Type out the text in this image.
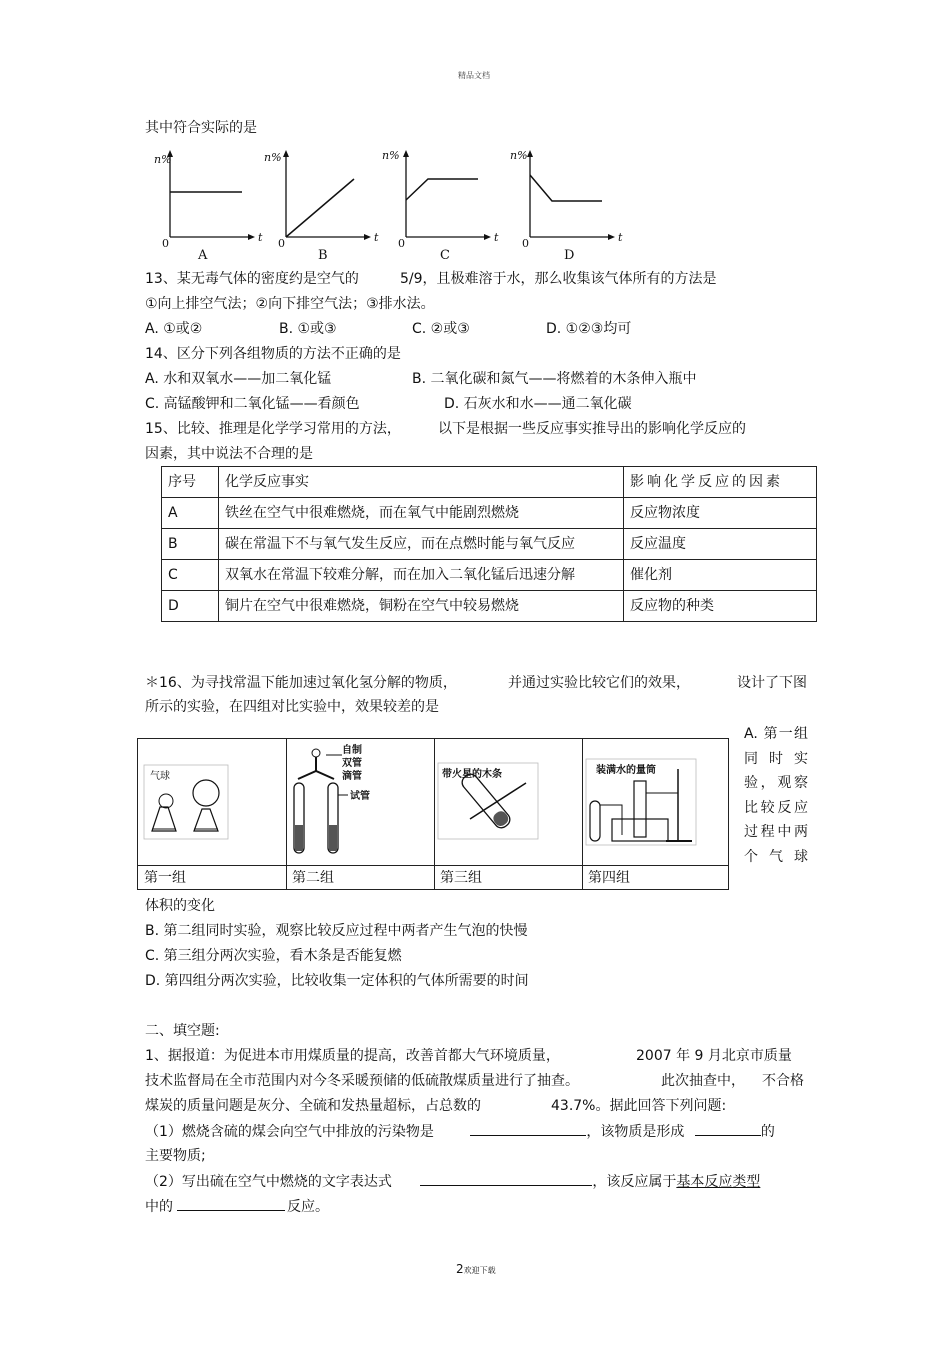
精品文档
其中符合实际的是
n%
t
0
A
n%
t
0
B
n%
t
0
C
n%
t
0
D
13、某无毒气体的密度约是空气的	5/9，且极难溶于水，那么收集该气体所有的方法是
①向上排空气法；②向下排空气法；③排水法。
A. ①或②	B. ①或③	C. ②或③	D. ①②③均可
14、区分下列各组物质的方法不正确的是
A. 水和双氧水——加二氧化锰	B. 二氧化碳和氮气——将燃着的木条伸入瓶中
C. 高锰酸钾和二氧化锰——看颜色	D. 石灰水和水——通二氧化碳
15、比较、推理是化学学习常用的方法，	以下是根据一些反应事实推导出的影响化学反应的
因素，其中说法不合理的是
序号	化学反应事实	影响化学反应的因素
A	铁丝在空气中很难燃烧，而在氧气中能剧烈燃烧	反应物浓度
B	碳在常温下不与氧气发生反应，而在点燃时能与氧气反应	反应温度
C	双氧水在常温下较难分解，而在加入二氧化锰后迅速分解	催化剂
D	铜片在空气中很难燃烧，铜粉在空气中较易燃烧	反应物的种类
＊16、为寻找常温下能加速过氧化氢分解的物质，	并通过实验比较它们的效果，	设计了下图
所示的实验，在四组对比实验中，效果较差的是
气球
第一组
自制
双管
滴管
试管
第二组
带火星的木条
第三组
装满水的量筒
第四组
A. 第一组同时实验，观察比较反应过程中两个气球
体积的变化
B. 第二组同时实验，观察比较反应过程中两者产生气泡的快慢
C. 第三组分两次实验，看木条是否能复燃
D. 第四组分两次实验，比较收集一定体积的气体所需要的时间
二、填空题:
1、据报道：为促进本市用煤质量的提高，改善首都大气环境质量，	2007 年 9 月北京市质量
技术监督局在全市范围内对今冬采暖预储的低硫散煤质量进行了抽查。	此次抽查中， 不合格
煤炭的质量问题是灰分、全硫和发热量超标，占总数的	43.7%。据此回答下列问题:
（1）燃烧含硫的煤会向空气中排放的污染物是	，该物质是形成	的
主要物质;
（2）写出硫在空气中燃烧的文字表达式	，该反应属于基本反应类型
中的	反应。
2欢迎下载
